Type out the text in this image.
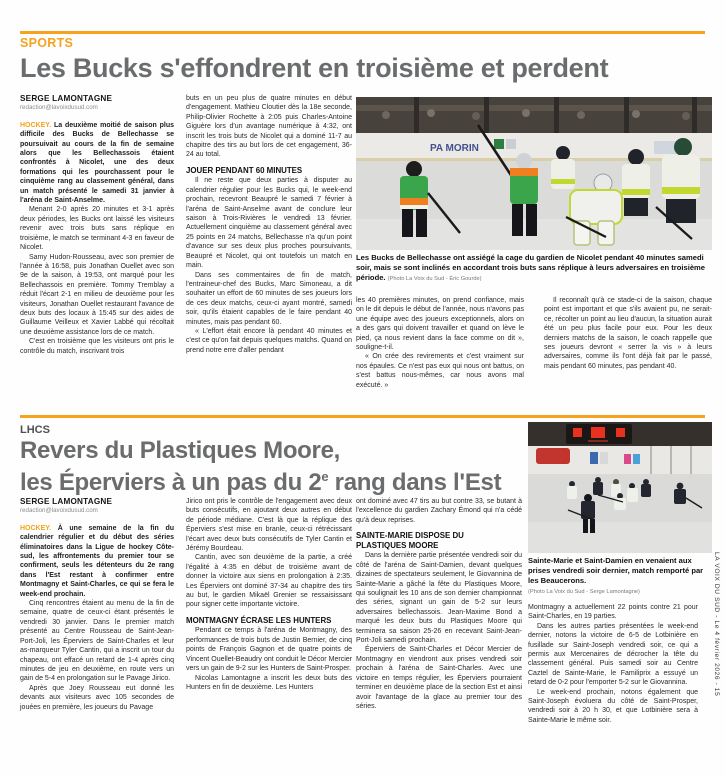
SPORTS
Les Bucks s'effondrent en troisième et perdent
SERGE LAMONTAGNE
redaction@lavoixdusud.com

HOCKEY. La deuxième moitié de saison plus difficile des Bucks de Bellechasse se poursuivait au cours de la fin de semaine alors que les Bellechassois étaient confrontés à Nicolet, une des deux formations qui les pourchassent pour le cinquième rang au classement général, dans un match présenté le samedi 31 janvier à l'aréna de Saint-Anselme.

Menant 2-0 après 20 minutes et 3-1 après deux périodes, les Bucks ont laissé les visiteurs revenir avec trois buts sans réplique en troisième, le match se terminant 4-3 en faveur de Nicolet.

Samy Hudon-Rousseau, avec son premier de l'année à 16:58, puis Jonathan Ouellet avec son 9e de la saison, à 19:53, ont marqué pour les Bellechassois en première. Tommy Tremblay a réduit l'écart 2-1 en milieu de deuxième pour les visiteurs, Jonathan Ouellet restaurant l'avance de deux buts des locaux à 15:45 sur des aides de Guillaume Veilleux et Xavier Labbé qui récoltait une deuxième assistance lors de ce match.

C'est en troisième que les visiteurs ont pris le contrôle du match, inscrivant trois

buts en un peu plus de quatre minutes en début d'engagement. Mathieu Cloutier dès la 18e seconde, Philip-Olivier Rochette à 2:05 puis Charles-Antoine Giguère lors d'un avantage numérique à 4:32, ont inscrit les trois buts de Nicolet qui a dominé 11-7 au chapitre des tirs au but lors de cet engagement, 36-24 au total.

JOUER PENDANT 60 MINUTES

Il ne reste que deux parties à disputer au calendrier régulier pour les Bucks qui, le week-end prochain, recevront Beaupré le samedi 7 février à l'aréna de Saint-Anselme avant de conclure leur saison à Trois-Rivières le vendredi 13 février. Actuellement cinquième au classement général avec 25 points en 24 matchs, Bellechasse n'a qu'un point d'avance sur ses deux plus proches poursuivants, Beaupré et Nicolet, qui ont toutefois un match en main.

Dans ses commentaires de fin de match, l'entraineur-chef des Bucks, Marc Simoneau, a dit souhaiter un effort de 60 minutes de ses joueurs lors de ces deux matchs, ceux-ci ayant montré, samedi soir, qu'ils étaient capables de le faire pendant 40 minutes, mais pas pendant 60.

« L'effort était encore là pendant 40 minutes et c'est ce qu'on fait depuis quelques matchs. Quand on prend notre erre d'aller pendant

PA MORIN
Les Bucks de Bellechasse ont assiégé la cage du gardien de Nicolet pendant 40 minutes samedi soir, mais se sont inclinés en accordant trois buts sans réplique à leurs adversaires en troisième période. (Photo La Voix du Sud - Éric Gourde)

les 40 premières minutes, on prend confiance, mais on le dit depuis le début de l'année, nous n'avons pas une équipe avec des joueurs exceptionnels, alors on a des gars qui doivent travailler et quand on lève le pied, ça nous revient dans la face comme on dit », souligne-t-il.

« On crée des revirements et c'est vraiment sur nos épaules. Ce n'est pas eux qui nous ont battus, on s'est battus nous-mêmes, car nous avons mal exécuté. »

Il reconnaît qu'à ce stade-ci de la saison, chaque point est important et que s'ils avaient pu, ne serait-ce, récolter un point au lieu d'aucun, la situation aurait été un peu plus facile pour eux. Pour les deux derniers matchs de la saison, le coach rappelle que ses joueurs devront « serrer la vis » à leurs adversaires, comme ils l'ont déjà fait par le passé, mais pendant 60 minutes, pas pendant 40.

LHCS
Revers du Plastiques Moore,
les Éperviers à un pas du 2e rang dans l'Est
Sainte-Marie et Saint-Damien en venaient aux prises vendredi soir dernier, match remporté par les Beaucerons.
(Photo La Voix du Sud - Serge Lamontagne)
SERGE LAMONTAGNE
redaction@lavoixdusud.com

HOCKEY. À une semaine de la fin du calendrier régulier et du début des séries éliminatoires dans la Ligue de hockey Côte-sud, les affrontements du premier tour se confirment, seuls les détenteurs du 2e rang dans l'Est restant à confirmer entre Montmagny et Saint-Charles, ce qui se fera le week-end prochain.

Cinq rencontres étaient au menu de la fin de semaine, quatre de ceux-ci étant présentés le vendredi 30 janvier. Dans le premier match présenté au Centre Rousseau de Saint-Jean-Port-Joli, les Éperviers de Saint-Charles et leur as-marqueur Tyler Cantin, qui a inscrit un tour du chapeau, ont effacé un retard de 1-4 après cinq minutes de jeu en deuxième, en route vers un gain de 5-4 en prolongation sur le Pavage Jirico.

Après que Joey Rousseau eut donné les devants aux visiteurs avec 105 secondes de jouées en première, les joueurs du Pavage

Jirico ont pris le contrôle de l'engagement avec deux buts consécutifs, en ajoutant deux autres en début de période médiane. C'est là que la réplique des Éperviers s'est mise en branle, ceux-ci rétrécissant l'écart avec deux buts consécutifs de Tyler Cantin et Jérémy Bourdeau.

Cantin, avec son deuxième de la partie, a créé l'égalité à 4:35 en début de troisième avant de donner la victoire aux siens en prolongation à 2:35. Les Éperviers ont dominé 37-34 au chapitre des tirs au but, le gardien Mikaël Grenier se ressaisissant pour signer cette importante victoire.

MONTMAGNY ÉCRASE LES HUNTERS

Pendant ce temps à l'aréna de Montmagny, des performances de trois buts de Justin Bernier, de cinq points de François Gagnon et de quatre points de Vincent Ouellet-Beaudry ont conduit le Décor Mercier vers un gain de 9-2 sur les Hunters de Saint-Prosper.

Nicolas Lamontagne a inscrit les deux buts des Hunters en fin de deuxième. Les Hunters

ont dominé avec 47 tirs au but contre 33, se butant à l'excellence du gardien Zachary Émond qui n'a cédé qu'à deux reprises.

SAINTE-MARIE DISPOSE DU PLASTIQUES MOORE

Dans la dernière partie présentée vendredi soir du côté de l'aréna de Saint-Damien, devant quelques dizaines de spectateurs seulement, le Giovannina de Sainte-Marie a gâché la fête du Plastiques Moore, qui soulignait les 10 ans de son dernier championnat des séries, signant un gain de 5-2 sur leurs adversaires bellechassois. Jean-Maxime Bond a marqué les deux buts du Plastiques Moore qui terminera sa saison 25-26 en recevant Saint-Jean-Port-Joli samedi prochain.

Éperviers de Saint-Charles et Décor Mercier de Montmagny en viendront aux prises vendredi soir prochain à l'aréna de Saint-Charles. Avec une victoire en temps régulier, les Éperviers pourraient terminer en deuxième place de la section Est et ainsi avoir l'avantage de la glace au premier tour des séries.

Montmagny a actuellement 22 points contre 21 pour Saint-Charles, en 19 parties.

Dans les autres parties présentées le week-end dernier, notons la victoire de 6-5 de Lotbinière en fusillade sur Saint-Joseph vendredi soir, ce qui a permis aux Mercenaires de décrocher la tête du classement général. Puis samedi soir au Centre Caztel de Sainte-Marie, le Familiprix a essuyé un retard de 0-2 pour l'emporter 5-2 sur le Giovannina.

Le week-end prochain, notons également que Saint-Joseph évoluera du côté de Saint-Prosper, vendredi soir à 20 h 30, et que Lotbinière sera à Sainte-Marie le même soir.

LA VOIX DU SUD - Le 4 février 2026 - 15
